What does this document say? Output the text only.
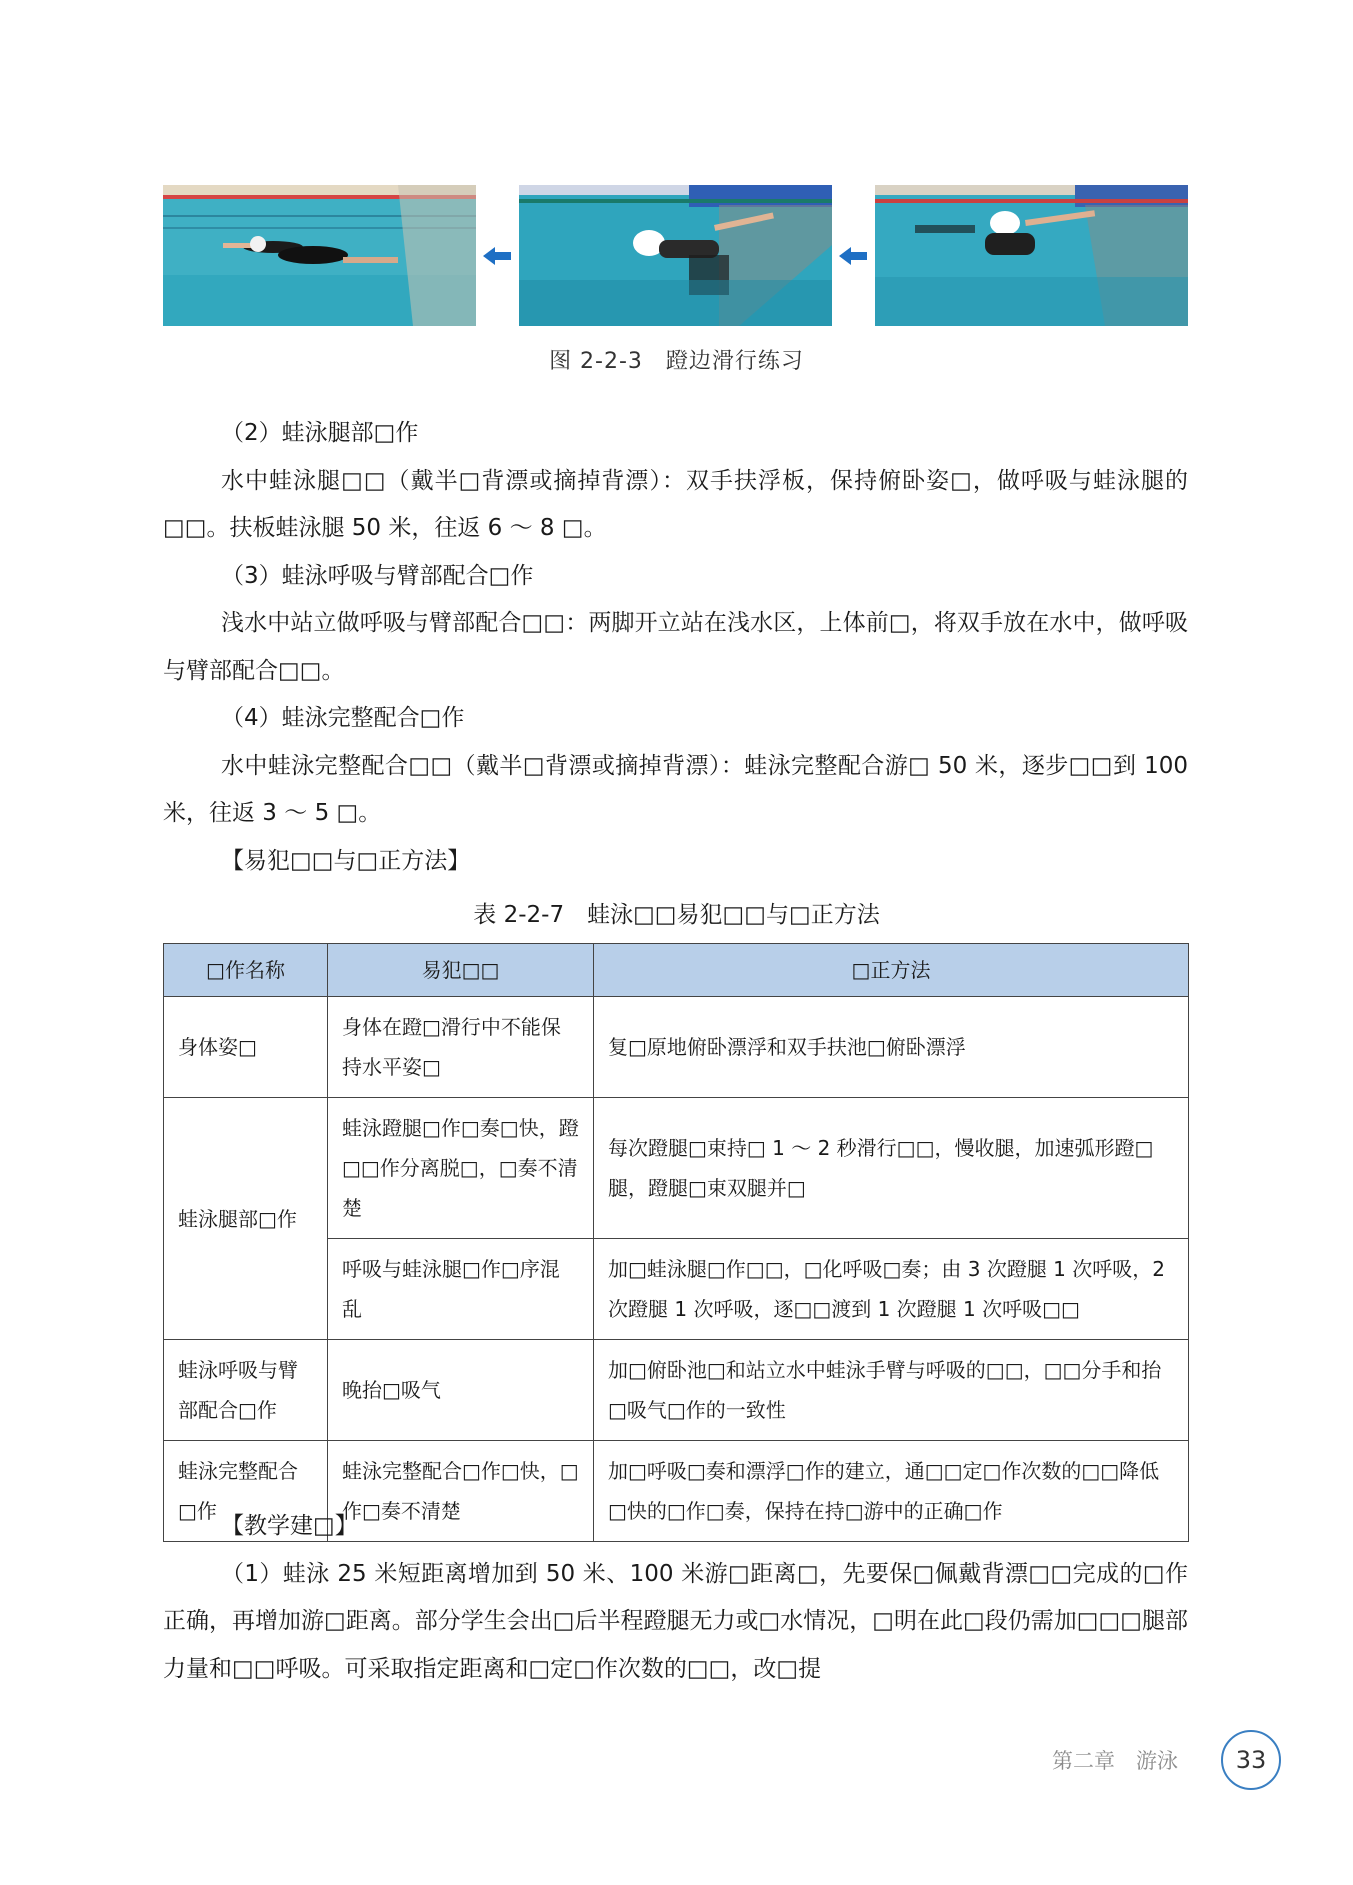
图 2-2-3　蹬边滑行练习

（2）蛙泳腿部□作

水中蛙泳腿□□（戴半□背漂或摘掉背漂）：双手扶浮板，保持俯卧姿□，做呼吸与蛙泳腿的□□。扶板蛙泳腿 50 米，往返 6 ～ 8 □。

（3）蛙泳呼吸与臂部配合□作

浅水中站立做呼吸与臂部配合□□：两脚开立站在浅水区，上体前□，将双手放在水中，做呼吸与臂部配合□□。

（4）蛙泳完整配合□作

水中蛙泳完整配合□□（戴半□背漂或摘掉背漂）：蛙泳完整配合游□ 50 米，逐步□□到 100 米，往返 3 ～ 5 □。

【易犯□□与□正方法】

表 2-2-7　蛙泳□□易犯□□与□正方法
□作名称	易犯□□	□正方法
身体姿□	身体在蹬□滑行中不能保持水平姿□	复□原地俯卧漂浮和双手扶池□俯卧漂浮
蛙泳腿部□作	蛙泳蹬腿□作□奏□快，蹬□□作分离脱□，□奏不清楚	每次蹬腿□束持□ 1 ～ 2 秒滑行□□，慢收腿，加速弧形蹬□腿，蹬腿□束双腿并□
	呼吸与蛙泳腿□作□序混乱	加□蛙泳腿□作□□，□化呼吸□奏；由 3 次蹬腿 1 次呼吸，2 次蹬腿 1 次呼吸，逐□□渡到 1 次蹬腿 1 次呼吸□□
蛙泳呼吸与臂部配合□作	晚抬□吸气	加□俯卧池□和站立水中蛙泳手臂与呼吸的□□，□□分手和抬□吸气□作的一致性
蛙泳完整配合□作	蛙泳完整配合□作□快，□作□奏不清楚	加□呼吸□奏和漂浮□作的建立，通□□定□作次数的□□降低□快的□作□奏，保持在持□游中的正确□作

【教学建□】

（1）蛙泳 25 米短距离增加到 50 米、100 米游□距离□，先要保□佩戴背漂□□完成的□作正确，再增加游□距离。部分学生会出□后半程蹬腿无力或□水情况，□明在此□段仍需加□□□腿部力量和□□呼吸。可采取指定距离和□定□作次数的□□，改□提

第二章　游泳	33
